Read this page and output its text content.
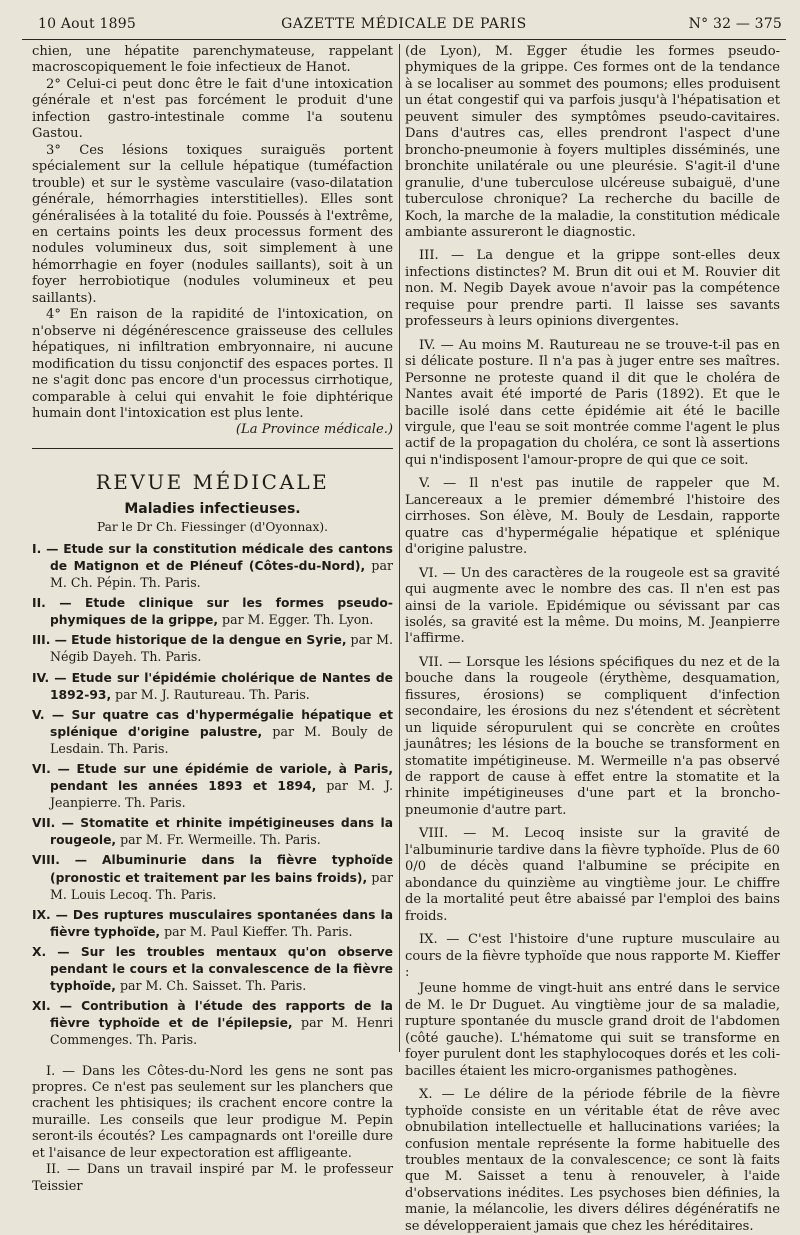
10 Aout 1895	GAZETTE MÉDICALE DE PARIS	N° 32 — 375

chien, une hépatite parenchymateuse, rappelant macroscopiquement le foie infectieux de Hanot.

2° Celui-ci peut donc être le fait d'une intoxication générale et n'est pas forcément le produit d'une infection gastro-intestinale comme l'a soutenu Gastou.

3° Ces lésions toxiques suraiguës portent spécialement sur la cellule hépatique (tuméfaction trouble) et sur le système vasculaire (vaso-dilatation générale, hémorrhagies interstitielles). Elles sont généralisées à la totalité du foie. Poussés à l'extrême, en certains points les deux processus forment des nodules volumineux dus, soit simplement à une hémorrhagie en foyer (nodules saillants), soit à un foyer herrobiotique (nodules volumineux et peu saillants).

4° En raison de la rapidité de l'intoxication, on n'observe ni dégénérescence graisseuse des cellules hépatiques, ni infiltration embryonnaire, ni aucune modification du tissu conjonctif des espaces portes. Il ne s'agit donc pas encore d'un processus cirrhotique, comparable à celui qui envahit le foie diphtérique humain dont l'intoxication est plus lente.

(La Province médicale.)

REVUE MÉDICALE
Maladies infectieuses.
Par le Dr Ch. Fiessinger (d'Oyonnax).
I. — Etude sur la constitution médicale des cantons de Matignon et de Pléneuf (Côtes-du-Nord), par M. Ch. Pépin. Th. Paris.
II. — Etude clinique sur les formes pseudo-phymiques de la grippe, par M. Egger. Th. Lyon.
III. — Etude historique de la dengue en Syrie, par M. Négib Dayeh. Th. Paris.
IV. — Etude sur l'épidémie cholérique de Nantes de 1892-93, par M. J. Rautureau. Th. Paris.
V. — Sur quatre cas d'hypermégalie hépatique et splénique d'origine palustre, par M. Bouly de Lesdain. Th. Paris.
VI. — Etude sur une épidémie de variole, à Paris, pendant les années 1893 et 1894, par M. J. Jeanpierre. Th. Paris.
VII. — Stomatite et rhinite impétigineuses dans la rougeole, par M. Fr. Wermeille. Th. Paris.
VIII. — Albuminurie dans la fièvre typhoïde (pronostic et traitement par les bains froids), par M. Louis Lecoq. Th. Paris.
IX. — Des ruptures musculaires spontanées dans la fièvre typhoïde, par M. Paul Kieffer. Th. Paris.
X. — Sur les troubles mentaux qu'on observe pendant le cours et la convalescence de la fièvre typhoïde, par M. Ch. Saisset. Th. Paris.
XI. — Contribution à l'étude des rapports de la fièvre typhoïde et de l'épilepsie, par M. Henri Commenges. Th. Paris.

I. — Dans les Côtes-du-Nord les gens ne sont pas propres. Ce n'est pas seulement sur les planchers que crachent les phtisiques; ils crachent encore contre la muraille. Les conseils que leur prodigue M. Pepin seront-ils écoutés? Les campagnards ont l'oreille dure et l'aisance de leur expectoration est affligeante.

II. — Dans un travail inspiré par M. le professeur Teissier

(de Lyon), M. Egger étudie les formes pseudo-phymiques de la grippe. Ces formes ont de la tendance à se localiser au sommet des poumons; elles produisent un état congestif qui va parfois jusqu'à l'hépatisation et peuvent simuler des symptômes pseudo-cavitaires. Dans d'autres cas, elles prendront l'aspect d'une broncho-pneumonie à foyers multiples disséminés, une bronchite unilatérale ou une pleurésie. S'agit-il d'une granulie, d'une tuberculose ulcéreuse subaiguë, d'une tuberculose chronique? La recherche du bacille de Koch, la marche de la maladie, la constitution médicale ambiante assureront le diagnostic.

III. — La dengue et la grippe sont-elles deux infections distinctes? M. Brun dit oui et M. Rouvier dit non. M. Negib Dayek avoue n'avoir pas la compétence requise pour prendre parti. Il laisse ses savants professeurs à leurs opinions divergentes.

IV. — Au moins M. Rautureau ne se trouve-t-il pas en si délicate posture. Il n'a pas à juger entre ses maîtres. Personne ne proteste quand il dit que le choléra de Nantes avait été importé de Paris (1892). Et que le bacille isolé dans cette épidémie ait été le bacille virgule, que l'eau se soit montrée comme l'agent le plus actif de la propagation du choléra, ce sont là assertions qui n'indisposent l'amour-propre de qui que ce soit.

V. — Il n'est pas inutile de rappeler que M. Lancereaux a le premier démembré l'histoire des cirrhoses. Son élève, M. Bouly de Lesdain, rapporte quatre cas d'hypermégalie hépatique et splénique d'origine palustre.

VI. — Un des caractères de la rougeole est sa gravité qui augmente avec le nombre des cas. Il n'en est pas ainsi de la variole. Epidémique ou sévissant par cas isolés, sa gravité est la même. Du moins, M. Jeanpierre l'affirme.

VII. — Lorsque les lésions spécifiques du nez et de la bouche dans la rougeole (érythème, desquamation, fissures, érosions) se compliquent d'infection secondaire, les érosions du nez s'étendent et sécrètent un liquide séropurulent qui se concrète en croûtes jaunâtres; les lésions de la bouche se transforment en stomatite impétigineuse. M. Wermeille n'a pas observé de rapport de cause à effet entre la stomatite et la rhinite impétigineuses d'une part et la broncho-pneumonie d'autre part.

VIII. — M. Lecoq insiste sur la gravité de l'albuminurie tardive dans la fièvre typhoïde. Plus de 60 0/0 de décès quand l'albumine se précipite en abondance du quinzième au vingtième jour. Le chiffre de la mortalité peut être abaissé par l'emploi des bains froids.

IX. — C'est l'histoire d'une rupture musculaire au cours de la fièvre typhoïde que nous rapporte M. Kieffer :

Jeune homme de vingt-huit ans entré dans le service de M. le Dr Duguet. Au vingtième jour de sa maladie, rupture spontanée du muscle grand droit de l'abdomen (côté gauche). L'hématome qui suit se transforme en foyer purulent dont les staphylocoques dorés et les coli-bacilles étaient les micro-organismes pathogènes.

X. — Le délire de la période fébrile de la fièvre typhoïde consiste en un véritable état de rêve avec obnubilation intellectuelle et hallucinations variées; la confusion mentale représente la forme habituelle des troubles mentaux de la convalescence; ce sont là faits que M. Saisset a tenu à renouveler, à l'aide d'observations inédites. Les psychoses bien définies, la manie, la mélancolie, les divers délires dégénératifs ne se développeraient jamais que chez les héréditaires.
